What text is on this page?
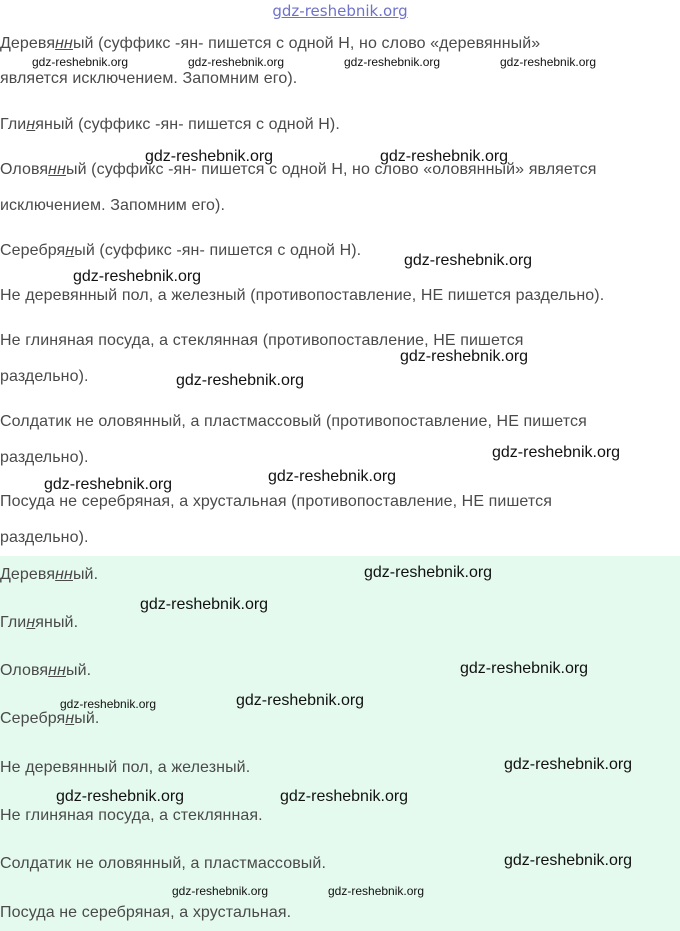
gdz-reshebnik.org
Деревянный (суффикс -ян- пишется с одной Н, но слово «деревянный»
является исключением. Запомним его).
Глиняный (суффикс -ян- пишется с одной Н).
Оловянный (суффикс -ян- пишется с одной Н, но слово «оловянный» является
исключением. Запомним его).
Серебряный (суффикс -ян- пишется с одной Н).
Не деревянный пол, а железный (противопоставление, НЕ пишется раздельно).
Не глиняная посуда, а стеклянная (противопоставление, НЕ пишется
раздельно).
Солдатик не оловянный, а пластмассовый (противопоставление, НЕ пишется
раздельно).
Посуда не серебряная, а хрустальная (противопоставление, НЕ пишется
раздельно).
Деревянный.
Глиняный.
Оловянный.
Серебряный.
Не деревянный пол, а железный.
Не глиняная посуда, а стеклянная.
Солдатик не оловянный, а пластмассовый.
Посуда не серебряная, а хрустальная.
gdz-reshebnik.org	gdz-reshebnik.org	gdz-reshebnik.org	gdz-reshebnik.org
gdz-reshebnik.org	gdz-reshebnik.org
gdz-reshebnik.org
gdz-reshebnik.org
gdz-reshebnik.org
gdz-reshebnik.org
gdz-reshebnik.org
gdz-reshebnik.org
gdz-reshebnik.org
gdz-reshebnik.org
gdz-reshebnik.org
gdz-reshebnik.org
gdz-reshebnik.org
gdz-reshebnik.org
gdz-reshebnik.org
gdz-reshebnik.org	gdz-reshebnik.org
gdz-reshebnik.org
gdz-reshebnik.org	gdz-reshebnik.org
